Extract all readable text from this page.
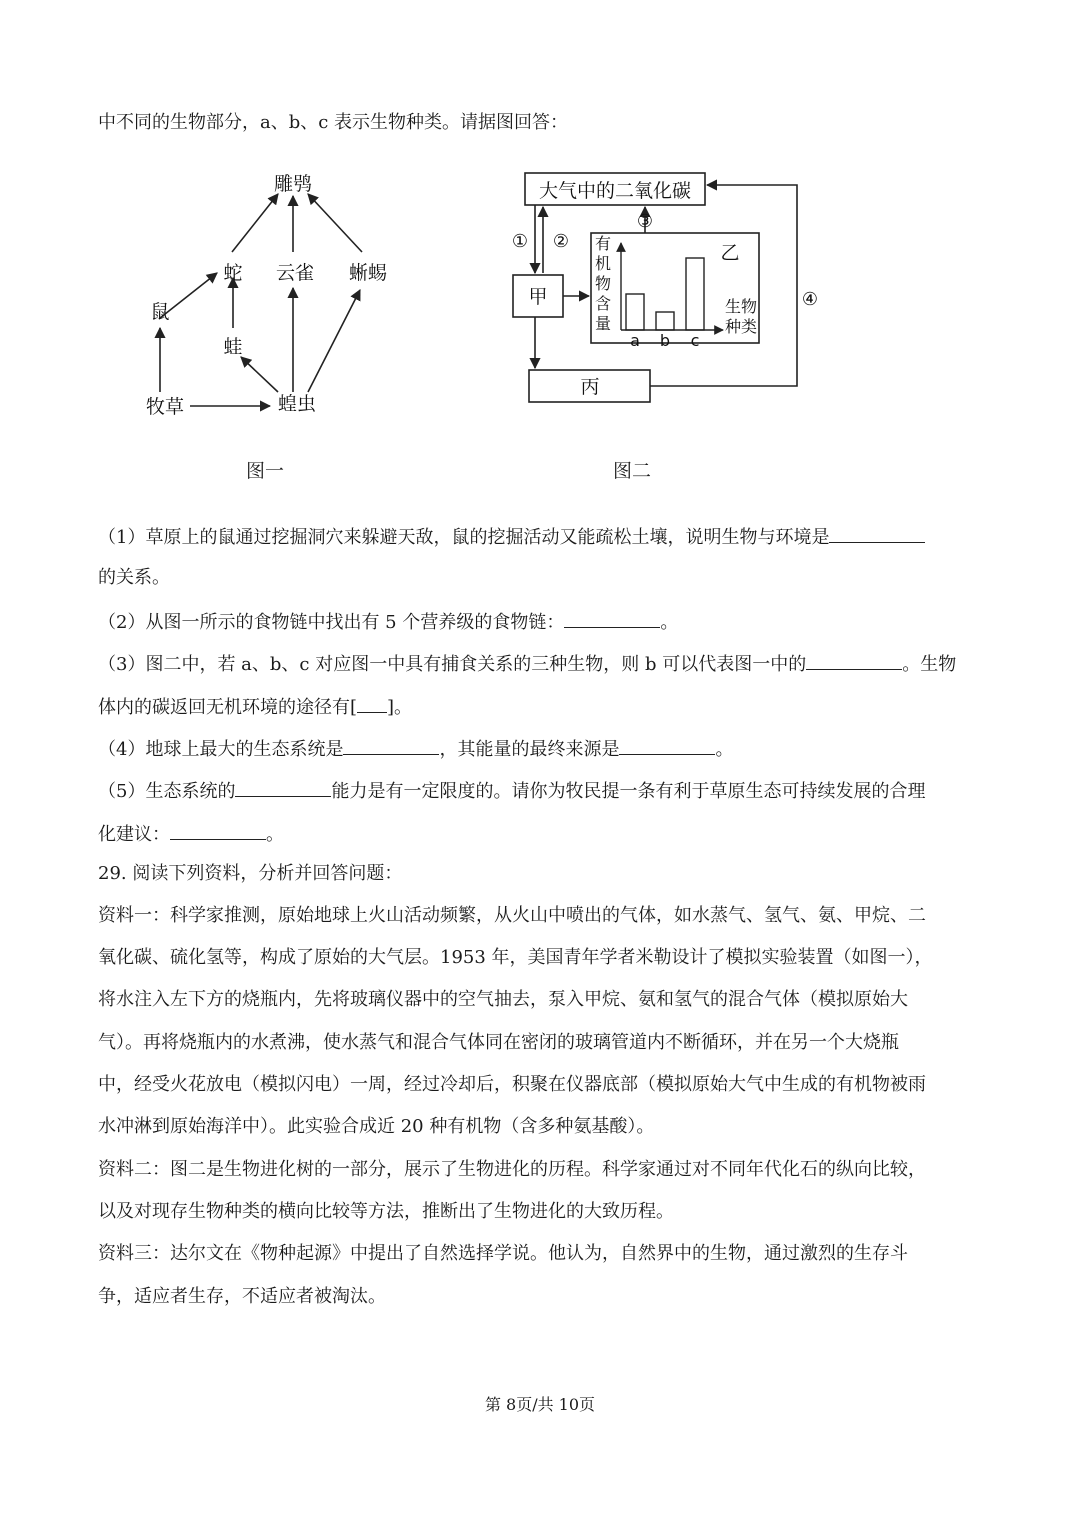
中不同的生物部分，a、b、c 表示生物种类。请据图回答：
雕鸮
蛇 云雀 蜥蜴
鼠
蛙
牧草	蝗虫
图一
大气中的二氧化碳
甲
乙
丙
① ②
③
④
有
机
物
含
量
生物
种类
a b c
图二
（1）草原上的鼠通过挖掘洞穴来躲避天敌，鼠的挖掘活动又能疏松土壤，说明生物与环境是
的关系。
（2）从图一所示的食物链中找出有 5 个营养级的食物链：	。
（3）图二中，若 a、b、c 对应图一中具有捕食关系的三种生物，则 b 可以代表图一中的	。生物
体内的碳返回无机环境的途径有[ ]。
（4）地球上最大的生态系统是	，其能量的最终来源是	。
（5）生态系统的	能力是有一定限度的。请你为牧民提一条有利于草原生态可持续发展的合理
化建议：	。
29. 阅读下列资料，分析并回答问题：
资料一：科学家推测，原始地球上火山活动频繁，从火山中喷出的气体，如水蒸气、氢气、氨、甲烷、二
氧化碳、硫化氢等，构成了原始的大气层。1953 年，美国青年学者米勒设计了模拟实验装置（如图一），
将水注入左下方的烧瓶内，先将玻璃仪器中的空气抽去，泵入甲烷、氨和氢气的混合气体（模拟原始大
气）。再将烧瓶内的水煮沸，使水蒸气和混合气体同在密闭的玻璃管道内不断循环，并在另一个大烧瓶
中，经受火花放电（模拟闪电）一周，经过冷却后，积聚在仪器底部（模拟原始大气中生成的有机物被雨
水冲淋到原始海洋中）。此实验合成近 20 种有机物（含多种氨基酸）。
资料二：图二是生物进化树的一部分，展示了生物进化的历程。科学家通过对不同年代化石的纵向比较，
以及对现存生物种类的横向比较等方法，推断出了生物进化的大致历程。
资料三：达尔文在《物种起源》中提出了自然选择学说。他认为，自然界中的生物，通过激烈的生存斗
争，适应者生存，不适应者被淘汰。
第 8页/共 10页
